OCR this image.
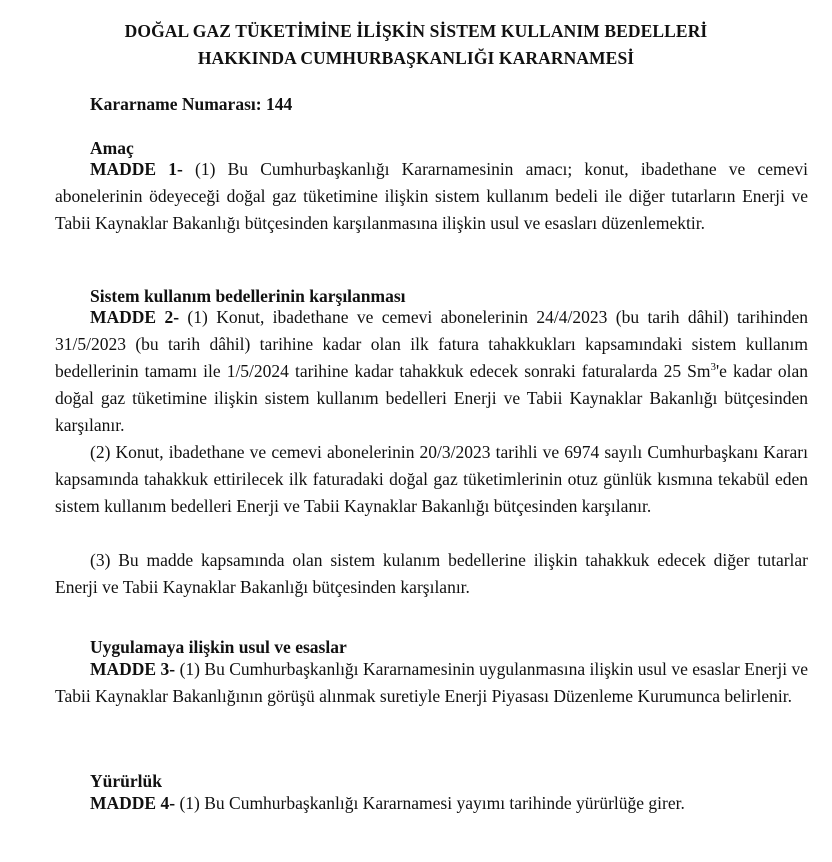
DOĞAL GAZ TÜKETİMİNE İLİŞKİN SİSTEM KULLANIM BEDELLERİ
HAKKINDA CUMHURBAŞKANLIĞI KARARNAMESİ
Kararname Numarası: 144
Amaç

MADDE 1- (1) Bu Cumhurbaşkanlığı Kararnamesinin amacı; konut, ibadethane ve cemevi abonelerinin ödeyeceği doğal gaz tüketimine ilişkin sistem kullanım bedeli ile diğer tutarların Enerji ve Tabii Kaynaklar Bakanlığı bütçesinden karşılanmasına ilişkin usul ve esasları düzenlemektir.

Sistem kullanım bedellerinin karşılanması

MADDE 2- (1) Konut, ibadethane ve cemevi abonelerinin 24/4/2023 (bu tarih dâhil) tarihinden 31/5/2023 (bu tarih dâhil) tarihine kadar olan ilk fatura tahakkukları kapsamındaki sistem kullanım bedellerinin tamamı ile 1/5/2024 tarihine kadar tahakkuk edecek sonraki faturalarda 25 Sm$^3$'e kadar olan doğal gaz tüketimine ilişkin sistem kullanım bedelleri Enerji ve Tabii Kaynaklar Bakanlığı bütçesinden karşılanır.

(2) Konut, ibadethane ve cemevi abonelerinin 20/3/2023 tarihli ve 6974 sayılı Cumhurbaşkanı Kararı kapsamında tahakkuk ettirilecek ilk faturadaki doğal gaz tüketimlerinin otuz günlük kısmına tekabül eden sistem kullanım bedelleri Enerji ve Tabii Kaynaklar Bakanlığı bütçesinden karşılanır.

(3) Bu madde kapsamında olan sistem kulanım bedellerine ilişkin tahakkuk edecek diğer tutarlar Enerji ve Tabii Kaynaklar Bakanlığı bütçesinden karşılanır.

Uygulamaya ilişkin usul ve esaslar

MADDE 3- (1) Bu Cumhurbaşkanlığı Kararnamesinin uygulanmasına ilişkin usul ve esaslar Enerji ve Tabii Kaynaklar Bakanlığının görüşü alınmak suretiyle Enerji Piyasası Düzenleme Kurumunca belirlenir.

Yürürlük

MADDE 4- (1) Bu Cumhurbaşkanlığı Kararnamesi yayımı tarihinde yürürlüğe girer.
